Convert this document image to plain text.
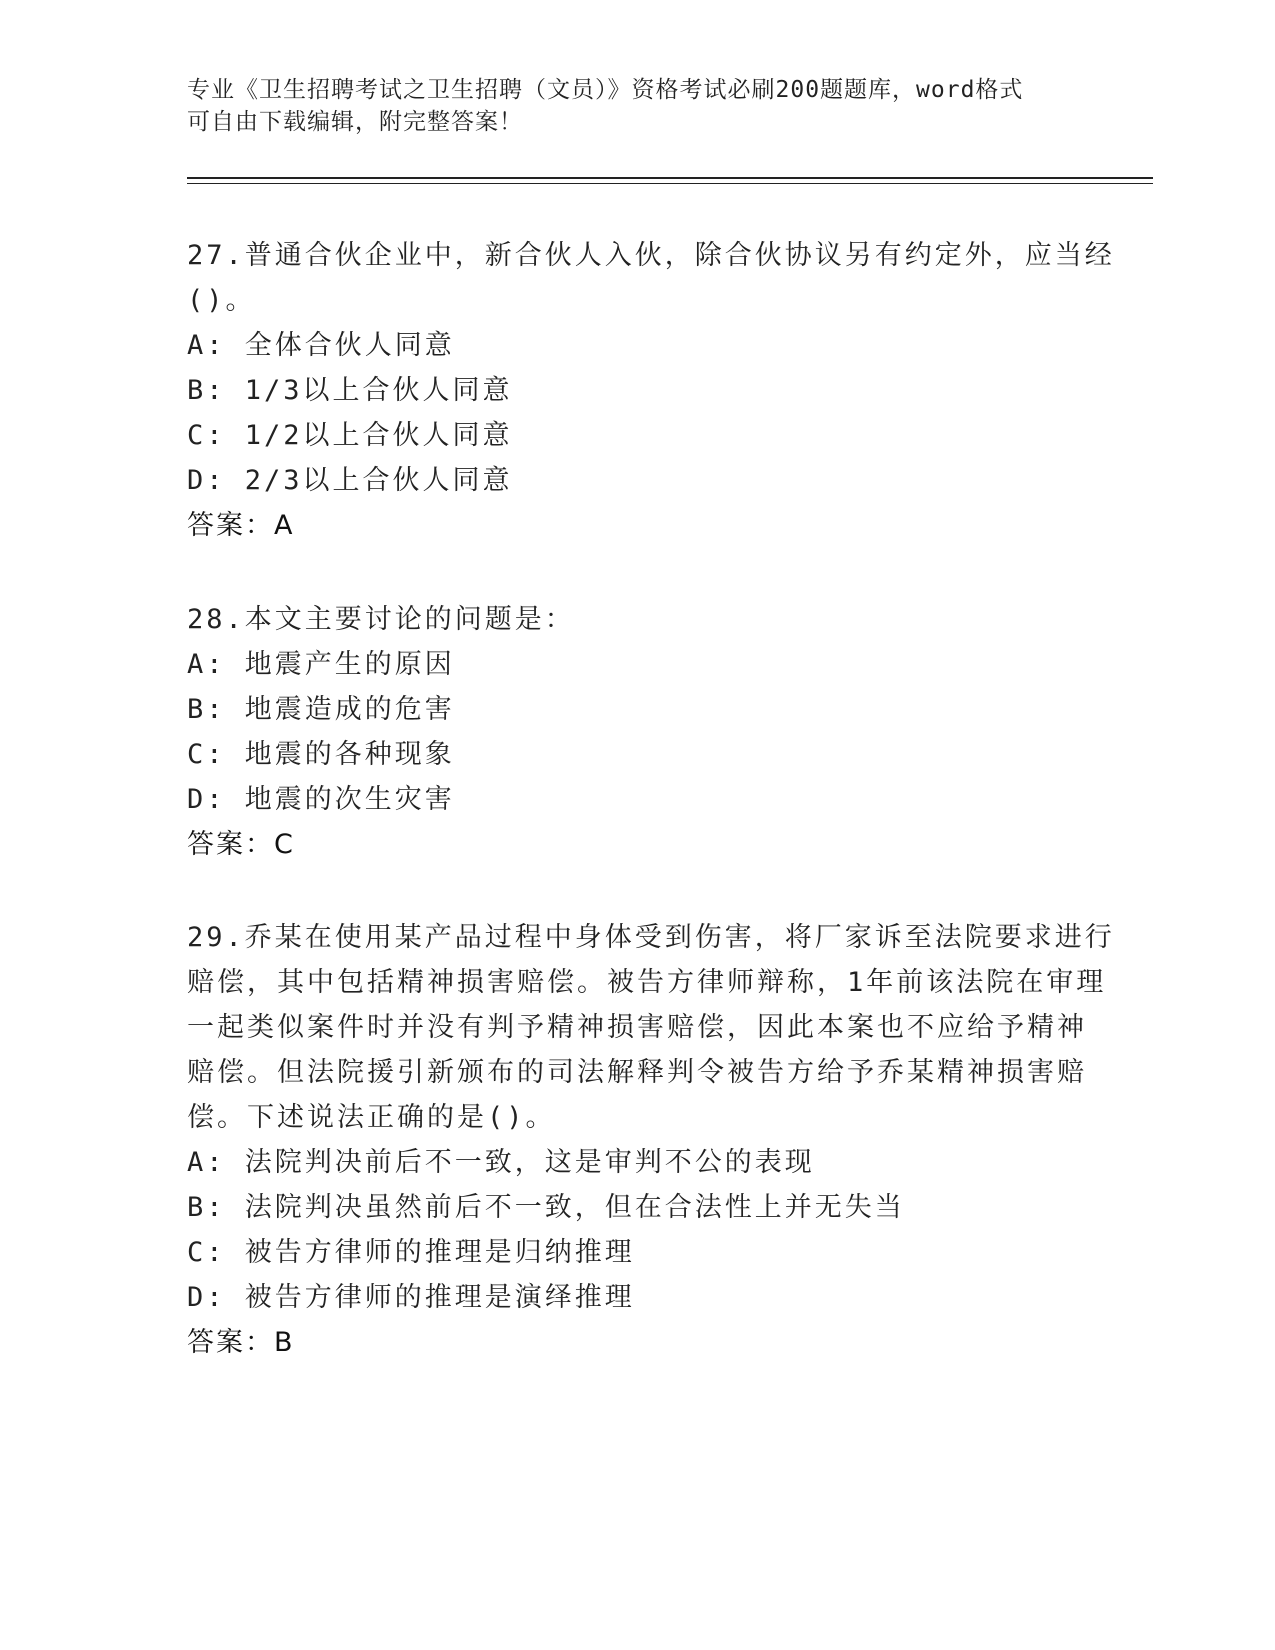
专业《卫生招聘考试之卫生招聘（文员）》资格考试必刷200题题库，word格式
可自由下载编辑，附完整答案！
27.普通合伙企业中，新合伙人入伙，除合伙协议另有约定外，应当经
()。
A: 全体合伙人同意
B: 1/3以上合伙人同意
C: 1/2以上合伙人同意
D: 2/3以上合伙人同意
答案：A
28.本文主要讨论的问题是：
A: 地震产生的原因
B: 地震造成的危害
C: 地震的各种现象
D: 地震的次生灾害
答案：C
29.乔某在使用某产品过程中身体受到伤害，将厂家诉至法院要求进行
赔偿，其中包括精神损害赔偿。被告方律师辩称，1年前该法院在审理
一起类似案件时并没有判予精神损害赔偿，因此本案也不应给予精神
赔偿。但法院援引新颁布的司法解释判令被告方给予乔某精神损害赔
偿。下述说法正确的是()。
A: 法院判决前后不一致，这是审判不公的表现
B: 法院判决虽然前后不一致，但在合法性上并无失当
C: 被告方律师的推理是归纳推理
D: 被告方律师的推理是演绎推理
答案：B
